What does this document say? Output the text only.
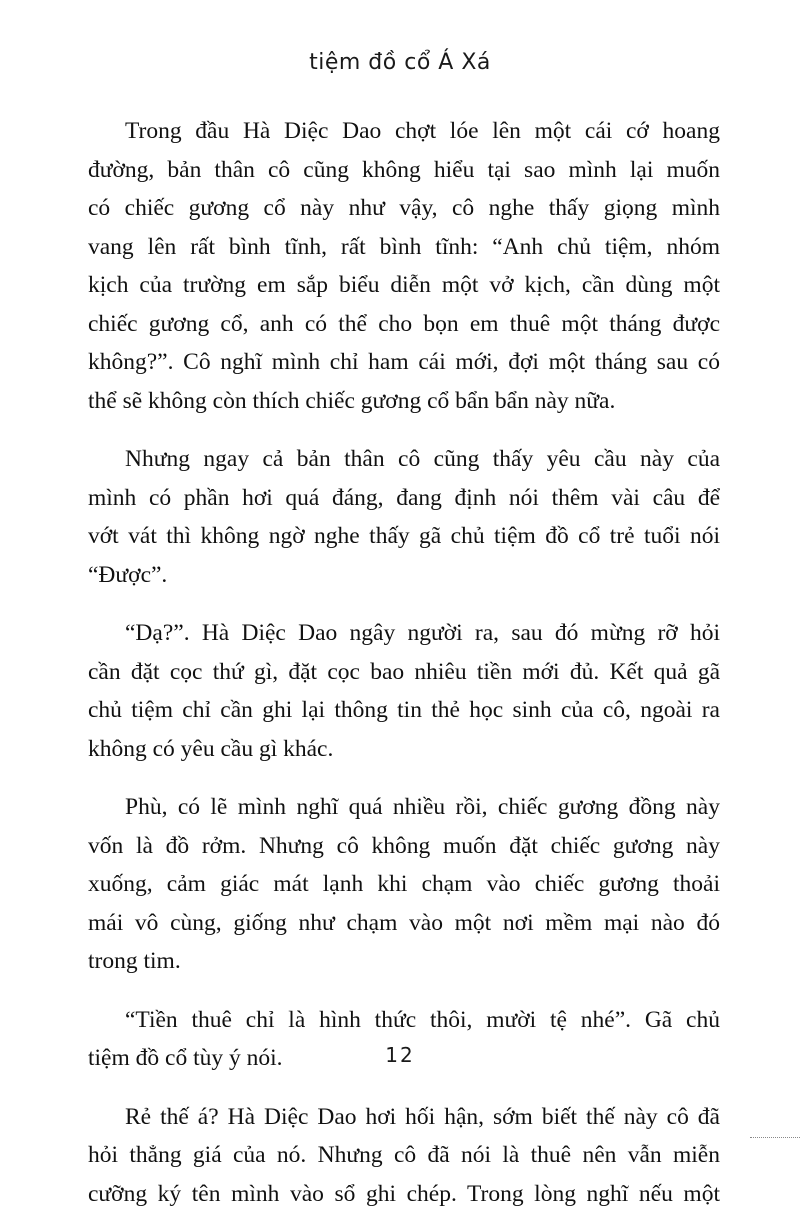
tiệm đồ cổ Á Xá
Trong đầu Hà Diệc Dao chợt lóe lên một cái cớ hoang
đường, bản thân cô cũng không hiểu tại sao mình lại muốn
có chiếc gương cổ này như vậy, cô nghe thấy giọng mình
vang lên rất bình tĩnh, rất bình tĩnh: “Anh chủ tiệm, nhóm
kịch của trường em sắp biểu diễn một vở kịch, cần dùng một
chiếc gương cổ, anh có thể cho bọn em thuê một tháng được
không?”. Cô nghĩ mình chỉ ham cái mới, đợi một tháng sau có
thể sẽ không còn thích chiếc gương cổ bẩn bẩn này nữa.
Nhưng ngay cả bản thân cô cũng thấy yêu cầu này của
mình có phần hơi quá đáng, đang định nói thêm vài câu để
vớt vát thì không ngờ nghe thấy gã chủ tiệm đồ cổ trẻ tuổi nói
“Được”.
“Dạ?”. Hà Diệc Dao ngây người ra, sau đó mừng rỡ hỏi
cần đặt cọc thứ gì, đặt cọc bao nhiêu tiền mới đủ. Kết quả gã
chủ tiệm chỉ cần ghi lại thông tin thẻ học sinh của cô, ngoài ra
không có yêu cầu gì khác.
Phù, có lẽ mình nghĩ quá nhiều rồi, chiếc gương đồng này
vốn là đồ rởm. Nhưng cô không muốn đặt chiếc gương này
xuống, cảm giác mát lạnh khi chạm vào chiếc gương thoải
mái vô cùng, giống như chạm vào một nơi mềm mại nào đó
trong tim.
“Tiền thuê chỉ là hình thức thôi, mười tệ nhé”. Gã chủ
tiệm đồ cổ tùy ý nói.
Rẻ thế á? Hà Diệc Dao hơi hối hận, sớm biết thế này cô đã
hỏi thẳng giá của nó. Nhưng cô đã nói là thuê nên vẫn miễn
cưỡng ký tên mình vào sổ ghi chép. Trong lòng nghĩ nếu một
12
